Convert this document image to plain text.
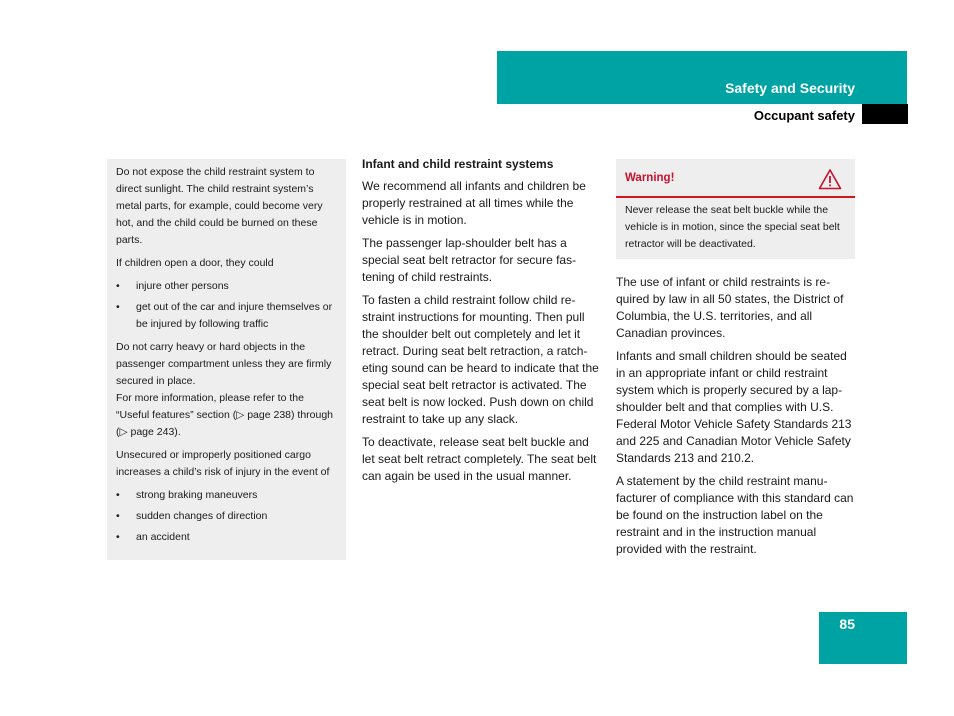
Safety and Security
Occupant safety

Do not expose the child restraint system to direct sunlight. The child restraint system’s metal parts, for example, could become very hot, and the child could be burned on these parts.

If children open a door, they could

• injure other persons
• get out of the car and injure themselves or be injured by following traffic

Do not carry heavy or hard objects in the passenger compartment unless they are firmly secured in place.

For more information, please refer to the “Useful features” section (▷ page 238) through (▷ page 243).

Unsecured or improperly positioned cargo increases a child’s risk of injury in the event of

• strong braking maneuvers
• sudden changes of direction
• an accident
Infant and child restraint systems

We recommend all infants and children be properly restrained at all times while the vehicle is in motion.

The passenger lap-shoulder belt has a special seat belt retractor for secure fas-tening of child restraints.

To fasten a child restraint follow child re-straint instructions for mounting. Then pull the shoulder belt out completely and let it retract. During seat belt retraction, a ratch-eting sound can be heard to indicate that the special seat belt retractor is activated. The seat belt is now locked. Push down on child restraint to take up any slack.

To deactivate, release seat belt buckle and let seat belt retract completely. The seat belt can again be used in the usual manner.

Warning!
Never release the seat belt buckle while the vehicle is in motion, since the special seat belt retractor will be deactivated.

The use of infant or child restraints is re-quired by law in all 50 states, the District of Columbia, the U.S. territories, and all Canadian provinces.

Infants and small children should be seated in an appropriate infant or child restraint system which is properly secured by a lap-shoulder belt and that complies with U.S. Federal Motor Vehicle Safety Standards 213 and 225 and Canadian Motor Vehicle Safety Standards 213 and 210.2.

A statement by the child restraint manu-facturer of compliance with this standard can be found on the instruction label on the restraint and in the instruction manual provided with the restraint.

85
